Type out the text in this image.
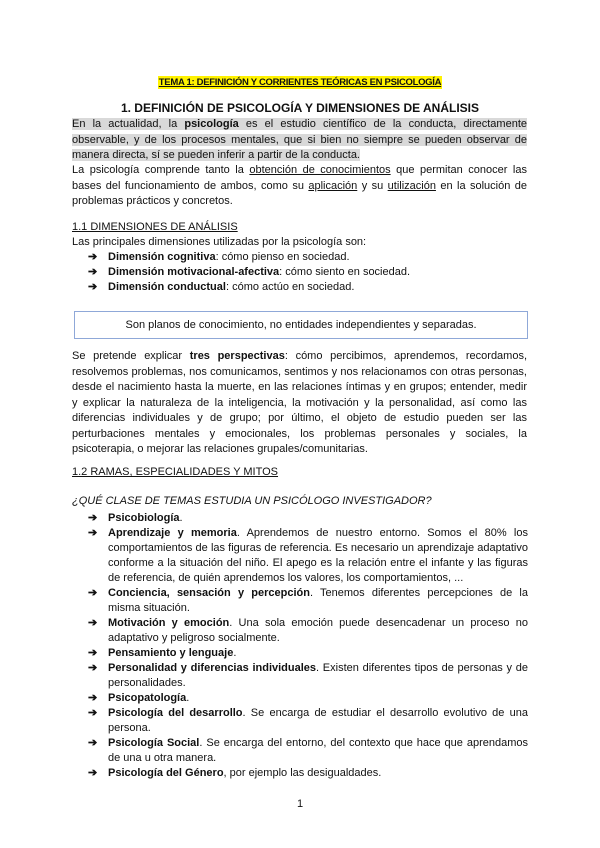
TEMA 1: DEFINICIÓN Y CORRIENTES TEÓRICAS EN PSICOLOGÍA
1. DEFINICIÓN DE PSICOLOGÍA Y DIMENSIONES DE ANÁLISIS
En la actualidad, la psicología es el estudio científico de la conducta, directamente observable, y de los procesos mentales, que si bien no siempre se pueden observar de manera directa, sí se pueden inferir a partir de la conducta.
La psicología comprende tanto la obtención de conocimientos que permitan conocer las bases del funcionamiento de ambos, como su aplicación y su utilización en la solución de problemas prácticos y concretos.
1.1 DIMENSIONES DE ANÁLISIS
Las principales dimensiones utilizadas por la psicología son:
➔ Dimensión cognitiva: cómo pienso en sociedad.
➔ Dimensión motivacional-afectiva: cómo siento en sociedad.
➔ Dimensión conductual: cómo actúo en sociedad.
Son planos de conocimiento, no entidades independientes y separadas.
Se pretende explicar tres perspectivas: cómo percibimos, aprendemos, recordamos, resolvemos problemas, nos comunicamos, sentimos y nos relacionamos con otras personas, desde el nacimiento hasta la muerte, en las relaciones íntimas y en grupos; entender, medir y explicar la naturaleza de la inteligencia, la motivación y la personalidad, así como las diferencias individuales y de grupo; por último, el objeto de estudio pueden ser las perturbaciones mentales y emocionales, los problemas personales y sociales, la psicoterapia, o mejorar las relaciones grupales/comunitarias.
1.2 RAMAS, ESPECIALIDADES Y MITOS
¿QUÉ CLASE DE TEMAS ESTUDIA UN PSICÓLOGO INVESTIGADOR?
➔ Psicobiología.
➔ Aprendizaje y memoria. Aprendemos de nuestro entorno. Somos el 80% los comportamientos de las figuras de referencia. Es necesario un aprendizaje adaptativo conforme a la situación del niño. El apego es la relación entre el infante y las figuras de referencia, de quién aprendemos los valores, los comportamientos, ...
➔ Conciencia, sensación y percepción. Tenemos diferentes percepciones de la misma situación.
➔ Motivación y emoción. Una sola emoción puede desencadenar un proceso no adaptativo y peligroso socialmente.
➔ Pensamiento y lenguaje.
➔ Personalidad y diferencias individuales. Existen diferentes tipos de personas y de personalidades.
➔ Psicopatología.
➔ Psicología del desarrollo. Se encarga de estudiar el desarrollo evolutivo de una persona.
➔ Psicología Social. Se encarga del entorno, del contexto que hace que aprendamos de una u otra manera.
➔ Psicología del Género, por ejemplo las desigualdades.
1
